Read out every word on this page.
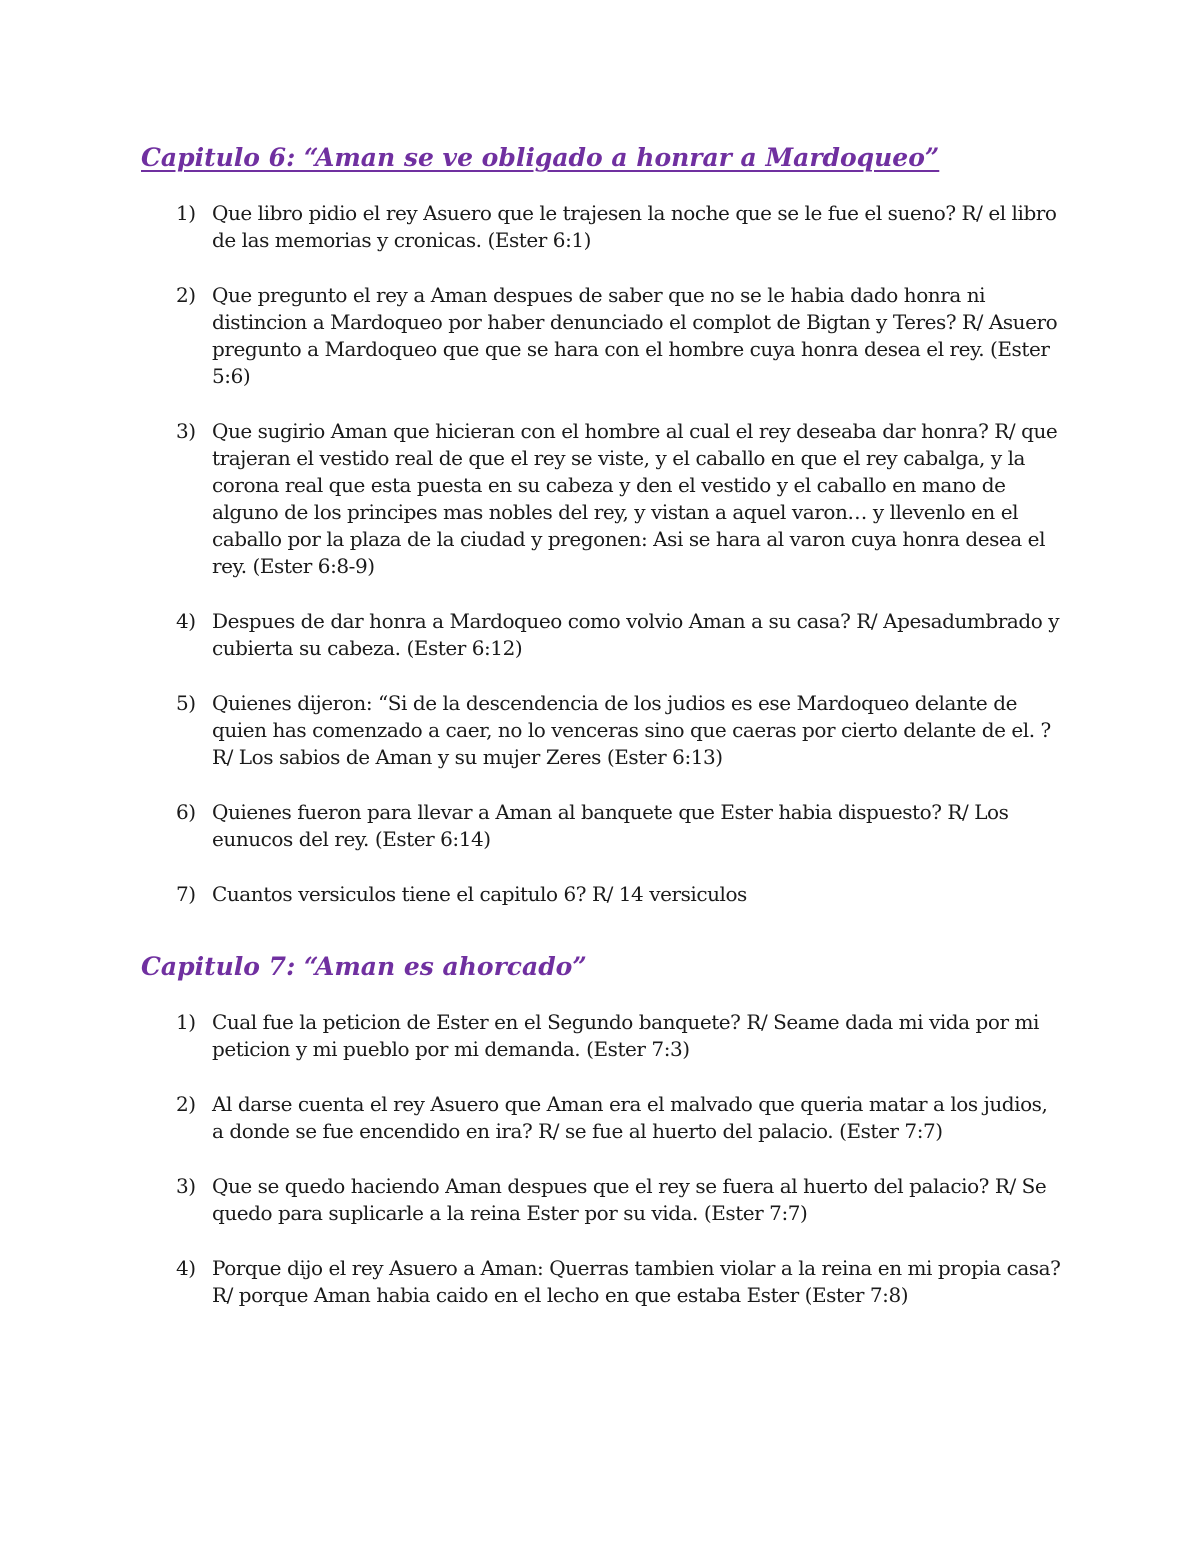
Capitulo 6: “Aman se ve obligado a honrar a Mardoqueo”
1) Que libro pidio el rey Asuero que le trajesen la noche que se le fue el sueno? R/ el libro de las memorias y cronicas. (Ester 6:1)
2) Que pregunto el rey a Aman despues de saber que no se le habia dado honra ni distincion a Mardoqueo por haber denunciado el complot de Bigtan y Teres? R/ Asuero pregunto a Mardoqueo que que se hara con el hombre cuya honra desea el rey. (Ester 5:6)
3) Que sugirio Aman que hicieran con el hombre al cual el rey deseaba dar honra? R/ que trajeran el vestido real de que el rey se viste, y el caballo en que el rey cabalga, y la corona real que esta puesta en su cabeza y den el vestido y el caballo en mano de alguno de los principes mas nobles del rey, y vistan a aquel varon… y llevenlo en el caballo por la plaza de la ciudad y pregonen: Asi se hara al varon cuya honra desea el rey. (Ester 6:8-9)
4) Despues de dar honra a Mardoqueo como volvio Aman a su casa? R/ Apesadumbrado y cubierta su cabeza. (Ester 6:12)
5) Quienes dijeron: “Si de la descendencia de los judios es ese Mardoqueo delante de quien has comenzado a caer, no lo venceras sino que caeras por cierto delante de el. ? R/ Los sabios de Aman y su mujer Zeres (Ester 6:13)
6) Quienes fueron para llevar a Aman al banquete que Ester habia dispuesto? R/ Los eunucos del rey. (Ester 6:14)
7) Cuantos versiculos tiene el capitulo 6? R/ 14 versiculos
Capitulo 7: “Aman es ahorcado”
1) Cual fue la peticion de Ester en el Segundo banquete? R/ Seame dada mi vida por mi peticion y mi pueblo por mi demanda. (Ester 7:3)
2) Al darse cuenta el rey Asuero que Aman era el malvado que queria matar a los judios, a donde se fue encendido en ira? R/ se fue al huerto del palacio. (Ester 7:7)
3) Que se quedo haciendo Aman despues que el rey se fuera al huerto del palacio? R/ Se quedo para suplicarle a la reina Ester por su vida. (Ester 7:7)
4) Porque dijo el rey Asuero a Aman: Querras tambien violar a la reina en mi propia casa? R/ porque Aman habia caido en el lecho en que estaba Ester (Ester 7:8)
